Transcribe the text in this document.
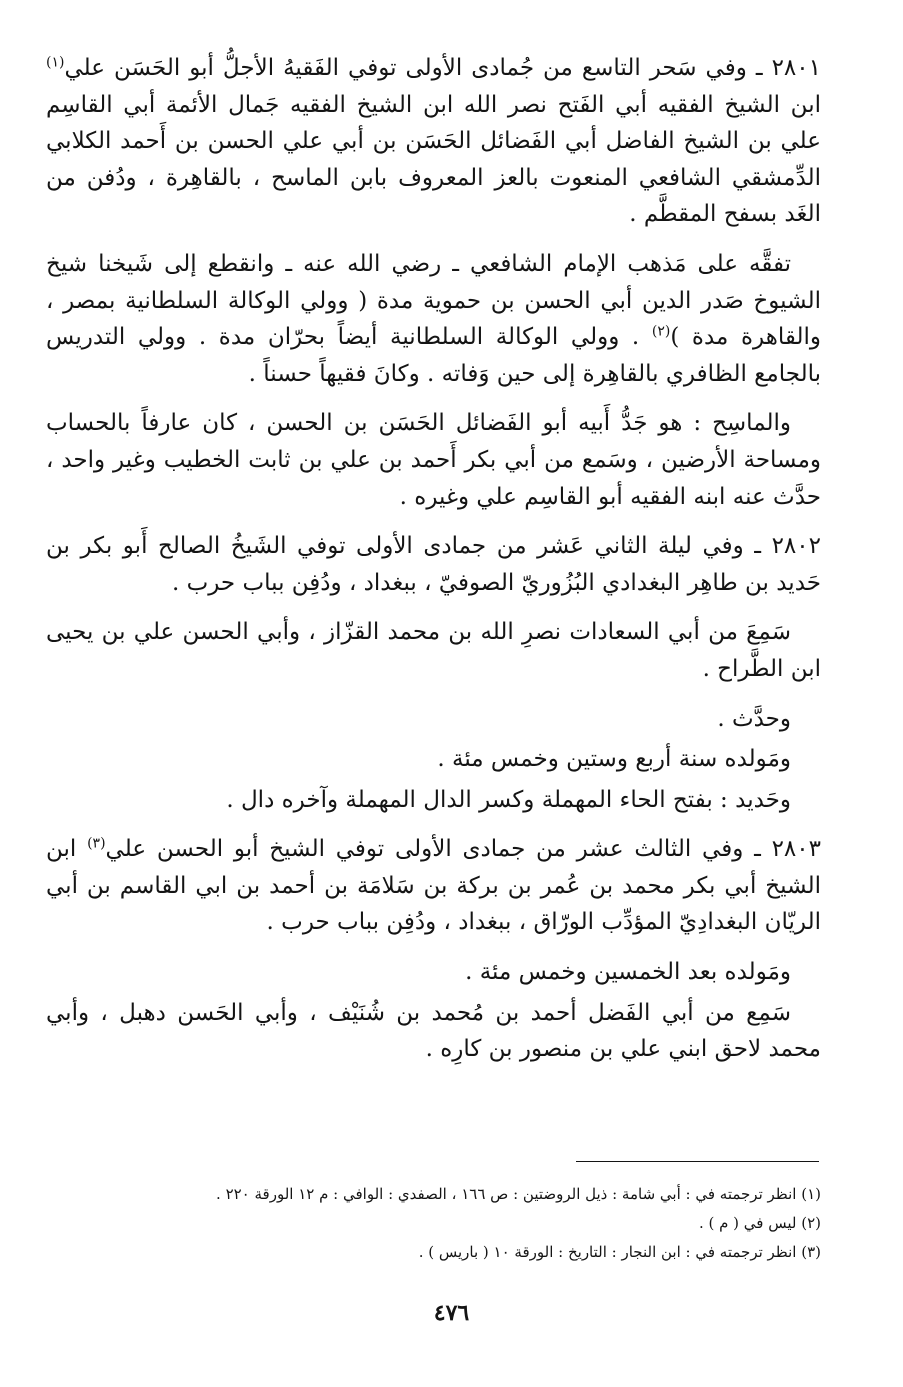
٢٨٠١ ـ وفي سَحر التاسع من جُمادى الأولى توفي الفَقيهُ الأجلُّ أبو الحَسَن علي$^{(١)}$ ابن الشيخ الفقيه أبي الفَتح نصر الله ابن الشيخ الفقيه جَمال الأئمة أبي القاسِم علي بن الشيخ الفاضل أبي الفَضائل الحَسَن بن أبي علي الحسن بن أَحمد الكلابي الدِّمشقي الشافعي المنعوت بالعز المعروف بابن الماسح ، بالقاهِرة ، ودُفن من الغَد بسفح المقطَّم .

تفقَّه على مَذهب الإمام الشافعي ـ رضي الله عنه ـ وانقطع إلى شَيخنا شيخ الشيوخ صَدر الدين أبي الحسن بن حموية مدة ( وولي الوكالة السلطانية بمصر ، والقاهرة مدة )$^{(٢)}$ . وولي الوكالة السلطانية أيضاً بحرّان مدة . وولي التدريس بالجامع الظافري بالقاهِرة إلى حين وَفاته . وكانَ فقيهاً حسناً .

والماسِح : هو جَدُّ أَبيه أبو الفَضائل الحَسَن بن الحسن ، كان عارفاً بالحساب ومساحة الأرضين ، وسَمع من أبي بكر أَحمد بن علي بن ثابت الخطيب وغير واحد ، حدَّث عنه ابنه الفقيه أبو القاسِم علي وغيره .

٢٨٠٢ ـ وفي ليلة الثاني عَشر من جمادى الأولى توفي الشَيخُ الصالح أَبو بكر بن حَديد بن طاهِر البغدادي البُزُوريّ الصوفيّ ، ببغداد ، ودُفِن بباب حرب .

سَمِعَ من أبي السعادات نصرِ الله بن محمد القزّاز ، وأبي الحسن علي بن يحيى ابن الطَّراح .

وحدَّث .

ومَولده سنة أربع وستين وخمس مئة .

وحَديد : بفتح الحاء المهملة وكسر الدال المهملة وآخره دال .

٢٨٠٣ ـ وفي الثالث عشر من جمادى الأولى توفي الشيخ أبو الحسن علي$^{(٣)}$ ابن الشيخ أبي بكر محمد بن عُمر بن بركة بن سَلامَة بن أحمد بن ابي القاسم بن أبي الريّان البغدادِيّ المؤدِّب الورّاق ، ببغداد ، ودُفِن بباب حرب .

ومَولده بعد الخمسين وخمس مئة .

سَمِع من أبي الفَضل أحمد بن مُحمد بن شُنَيْف ، وأبي الحَسن دهبل ، وأبي محمد لاحق ابني علي بن منصور بن كارِه .

(١) انظر ترجمته في : أبي شامة : ذيل الروضتين : ص ١٦٦ ، الصفدي : الوافي : م ١٢ الورقة ٢٢٠ .
(٢) ليس في ( م ) .
(٣) انظر ترجمته في : ابن النجار : التاريخ : الورقة ١٠ ( باريس ) .
٤٧٦
